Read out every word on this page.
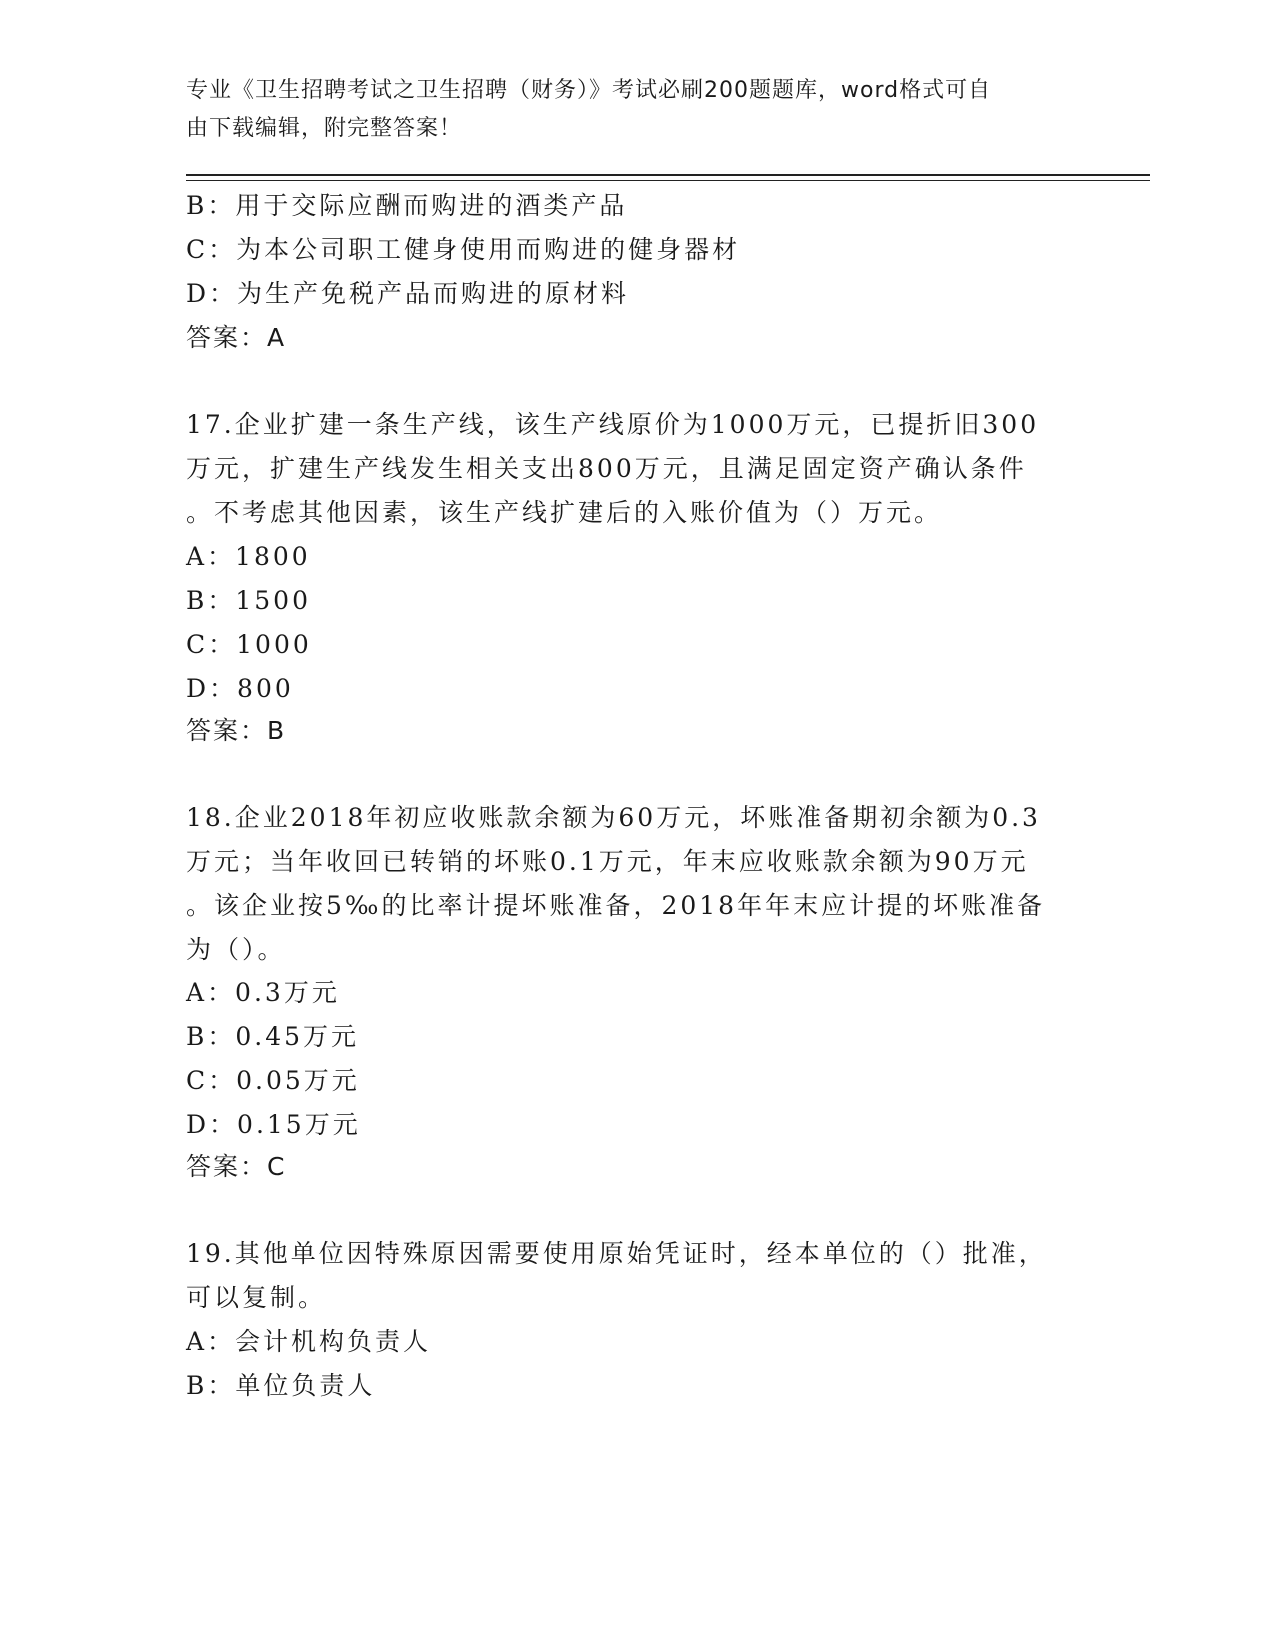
专业《卫生招聘考试之卫生招聘（财务）》考试必刷200题题库，word格式可自
由下载编辑，附完整答案！
B：用于交际应酬而购进的酒类产品
C：为本公司职工健身使用而购进的健身器材
D：为生产免税产品而购进的原材料
答案：A
17.企业扩建一条生产线，该生产线原价为1000万元，已提折旧300
万元，扩建生产线发生相关支出800万元，且满足固定资产确认条件
。不考虑其他因素，该生产线扩建后的入账价值为（）万元。
A：1800
B：1500
C：1000
D：800
答案：B
18.企业2018年初应收账款余额为60万元，坏账准备期初余额为0.3
万元；当年收回已转销的坏账0.1万元，年末应收账款余额为90万元
。该企业按5‰的比率计提坏账准备，2018年年末应计提的坏账准备
为（）。
A：0.3万元
B：0.45万元
C：0.05万元
D：0.15万元
答案：C
19.其他单位因特殊原因需要使用原始凭证时，经本单位的（）批准，
可以复制。
A：会计机构负责人
B：单位负责人
